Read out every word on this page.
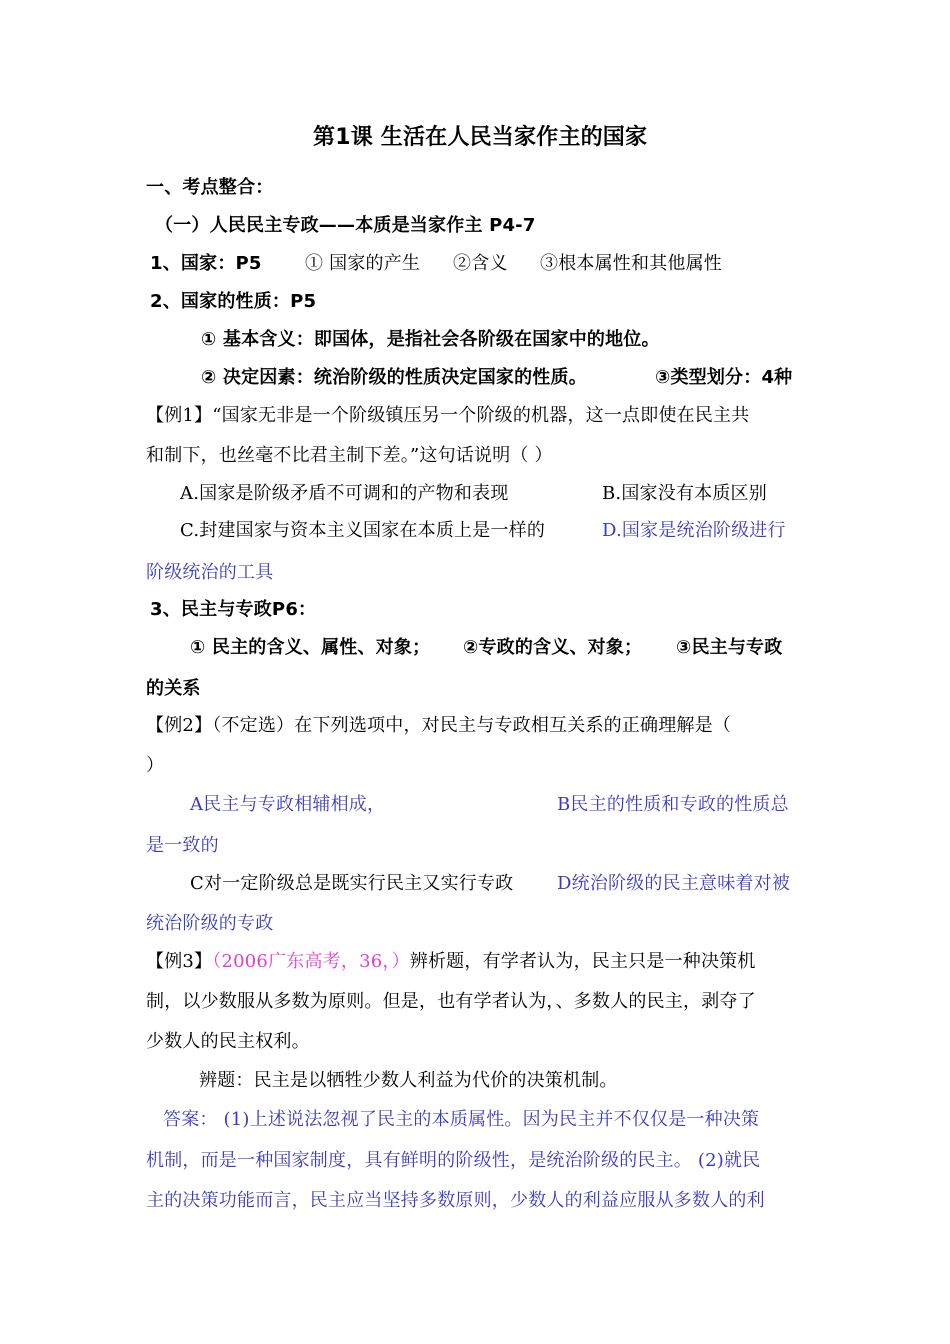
第1课 生活在人民当家作主的国家
一、考点整合：
（一）人民民主专政——本质是当家作主 P4-7
1、国家：P5 ① 国家的产生 ②含义 ③根本属性和其他属性
2、国家的性质：P5
① 基本含义：即国体，是指社会各阶级在国家中的地位。
② 决定因素：统治阶级的性质决定国家的性质。	③类型划分：4种
【例1】“国家无非是一个阶级镇压另一个阶级的机器，这一点即使在民主共
和制下，也丝毫不比君主制下差。”这句话说明（ ）
A.国家是阶级矛盾不可调和的产物和表现	B.国家没有本质区别
C.封建国家与资本主义国家在本质上是一样的	D.国家是统治阶级进行
阶级统治的工具
3、民主与专政P6：
① 民主的含义、属性、对象； ②专政的含义、对象； ③民主与专政
的关系
【例2】（不定选）在下列选项中，对民主与专政相互关系的正确理解是（
）
A民主与专政相辅相成，	B民主的性质和专政的性质总
是一致的
C对一定阶级总是既实行民主又实行专政 D统治阶级的民主意味着对被
统治阶级的专政
【例3】（2006广东高考，36，）辨析题，有学者认为，民主只是一种决策机
制，以少数服从多数为原则。但是，也有学者认为，、多数人的民主，剥夺了
少数人的民主权利。
辨题：民主是以牺牲少数人利益为代价的决策机制。
答案： (1)上述说法忽视了民主的本质属性。因为民主并不仅仅是一种决策
机制，而是一种国家制度，具有鲜明的阶级性，是统治阶级的民主。 (2)就民
主的决策功能而言，民主应当坚持多数原则，少数人的利益应服从多数人的利
